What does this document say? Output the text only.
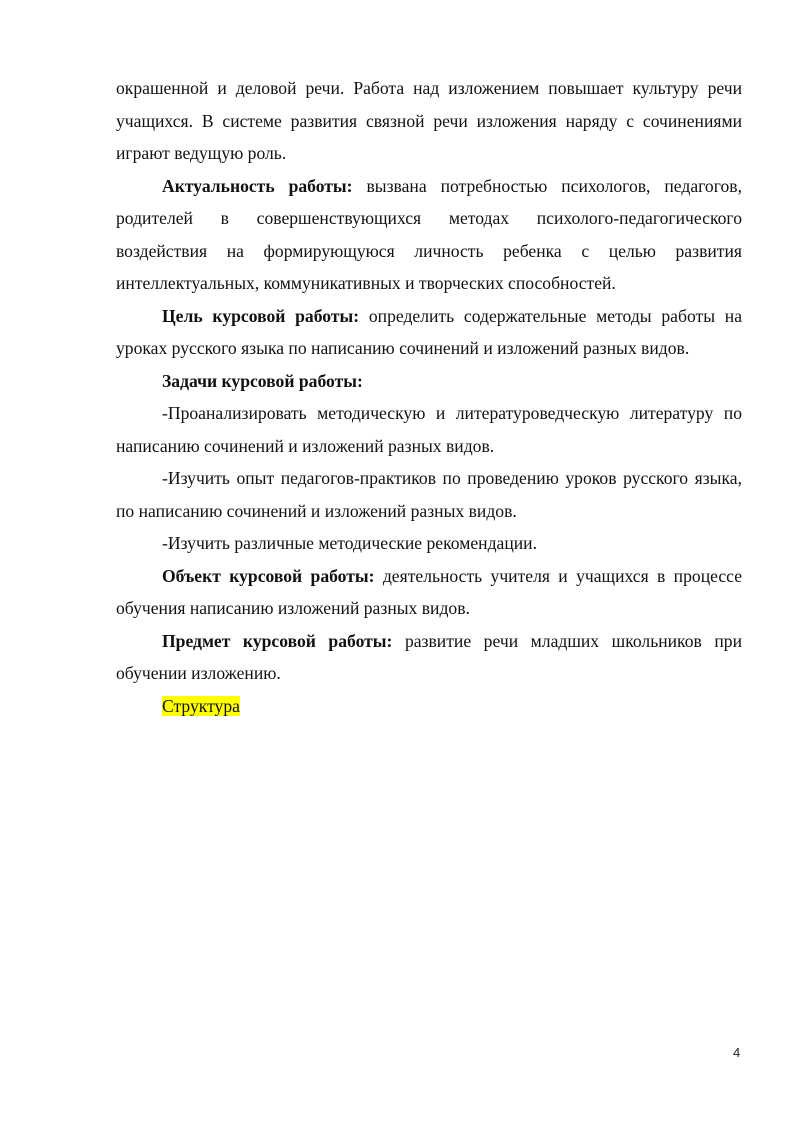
окрашенной и деловой речи. Работа над изложением повышает культуру речи учащихся. В системе развития связной речи изложения наряду с сочинениями играют ведущую роль.

Актуальность работы: вызвана потребностью психологов, педагогов, родителей в совершенствующихся методах психолого-педагогического воздействия на формирующуюся личность ребенка с целью развития интеллектуальных, коммуникативных и творческих способностей.

Цель курсовой работы: определить содержательные методы работы на уроках русского языка по написанию сочинений и изложений разных видов.

Задачи курсовой работы:

-Проанализировать методическую и литературоведческую литературу по написанию сочинений и изложений разных видов.

-Изучить опыт педагогов-практиков по проведению уроков русского языка, по написанию сочинений и изложений разных видов.

-Изучить различные методические рекомендации.

Объект курсовой работы: деятельность учителя и учащихся в процессе обучения написанию изложений разных видов.

Предмет курсовой работы: развитие речи младших школьников при обучении изложению.

Структура

4
